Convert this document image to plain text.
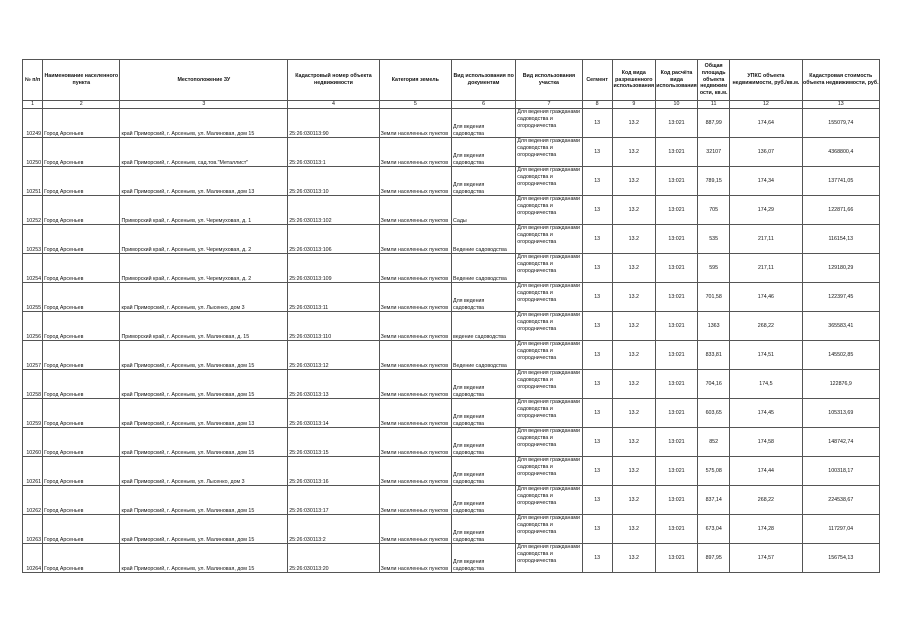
№ п/п	Наименование населенного пункта	Местоположение ЗУ	Кадастровый номер объекта недвижимости	Категория земель	Вид использования по документам	Вид использования участка	Сегмент	Код вида разрешенного использования	Код расчёта вида использования	Общая площадь объекта недвижим ости, кв.м.	УПКС объекта недвижимости, руб./кв.м.	Кадастровая стоимость объекта недвижимости, руб.
1	2	3	4	5	6	7	8	9	10	11	12	13
10249	Город Арсеньев	край Приморский, г. Арсеньев, ул. Малиновая, дом 15	25:26:030113:90	Земли населенных пунктов	Для ведения садоводства	Для ведения гражданами садоводства и огородничества	13	13.2	13:021	887,99	174,64	155079,74
10250	Город Арсеньев	край Приморский, г. Арсеньев, сад.тов."Металлист"	25:26:030113:1	Земли населенных пунктов	Для ведения садоводства	Для ведения гражданами садоводства и огородничества	13	13.2	13:021	32107	136,07	4368800,4
10251	Город Арсеньев	край Приморский, г. Арсеньев, ул. Малиновая, дом 13	25:26:030113:10	Земли населенных пунктов	Для ведения садоводства	Для ведения гражданами садоводства и огородничества	13	13.2	13:021	789,15	174,34	137741,05
10252	Город Арсеньев	Приморский край, г. Арсеньев, ул. Черемуховая, д. 1	25:26:030113:102	Земли населенных пунктов	Сады	Для ведения гражданами садоводства и огородничества	13	13.2	13:021	705	174,29	122871,66
10253	Город Арсеньев	Приморский край, г. Арсеньев, ул. Черемуховая, д. 2	25:26:030113:106	Земли населенных пунктов	Ведение садоводства	Для ведения гражданами садоводства и огородничества	13	13.2	13:021	535	217,11	116154,13
10254	Город Арсеньев	Приморский край, г. Арсеньев, ул. Черемуховая, д. 2	25:26:030113:109	Земли населенных пунктов	Ведение садоводства	Для ведения гражданами садоводства и огородничества	13	13.2	13:021	595	217,11	129180,29
10255	Город Арсеньев	край Приморский, г. Арсеньев, ул. Лысенко, дом 3	25:26:030113:11	Земли населенных пунктов	Для ведения садоводства	Для ведения гражданами садоводства и огородничества	13	13.2	13:021	701,58	174,46	122397,45
10256	Город Арсеньев	Приморский край, г. Арсеньев, ул. Малиновая, д. 15	25:26:030113:110	Земли населенных пунктов	ведение садоводства	Для ведения гражданами садоводства и огородничества	13	13.2	13:021	1363	268,22	365583,41
10257	Город Арсеньев	край Приморский, г. Арсеньев, ул. Малиновая, дом 15	25:26:030113:12	Земли населенных пунктов	Ведение садоводства	Для ведения гражданами садоводства и огородничества	13	13.2	13:021	833,81	174,51	145502,85
10258	Город Арсеньев	край Приморский, г. Арсеньев, ул. Малиновая, дом 15	25:26:030113:13	Земли населенных пунктов	Для ведения садоводства	Для ведения гражданами садоводства и огородничества	13	13.2	13:021	704,16	174,5	122876,9
10259	Город Арсеньев	край Приморский, г. Арсеньев, ул. Малиновая, дом 13	25:26:030113:14	Земли населенных пунктов	Для ведения садоводства	Для ведения гражданами садоводства и огородничества	13	13.2	13:021	603,65	174,45	105313,69
10260	Город Арсеньев	край Приморский, г. Арсеньев, ул. Малиновая, дом 15	25:26:030113:15	Земли населенных пунктов	Для ведения садоводства	Для ведения гражданами садоводства и огородничества	13	13.2	13:021	852	174,58	148742,74
10261	Город Арсеньев	край Приморский, г. Арсеньев, ул. Лысенко, дом 3	25:26:030113:16	Земли населенных пунктов	Для ведения садоводства	Для ведения гражданами садоводства и огородничества	13	13.2	13:021	575,08	174,44	100318,17
10262	Город Арсеньев	край Приморский, г. Арсеньев, ул. Малиновая, дом 15	25:26:030113:17	Земли населенных пунктов	Для ведения садоводства	Для ведения гражданами садоводства и огородничества	13	13.2	13:021	837,14	268,22	224538,67
10263	Город Арсеньев	край Приморский, г. Арсеньев, ул. Малиновая, дом 15	25:26:030113:2	Земли населенных пунктов	Для ведения садоводства	Для ведения гражданами садоводства и огородничества	13	13.2	13:021	673,04	174,28	117297,04
10264	Город Арсеньев	край Приморский, г. Арсеньев, ул. Малиновая, дом 15	25:26:030113:20	Земли населенных пунктов	Для ведения садоводства	Для ведения гражданами садоводства и огородничества	13	13.2	13:021	897,95	174,57	156754,13
